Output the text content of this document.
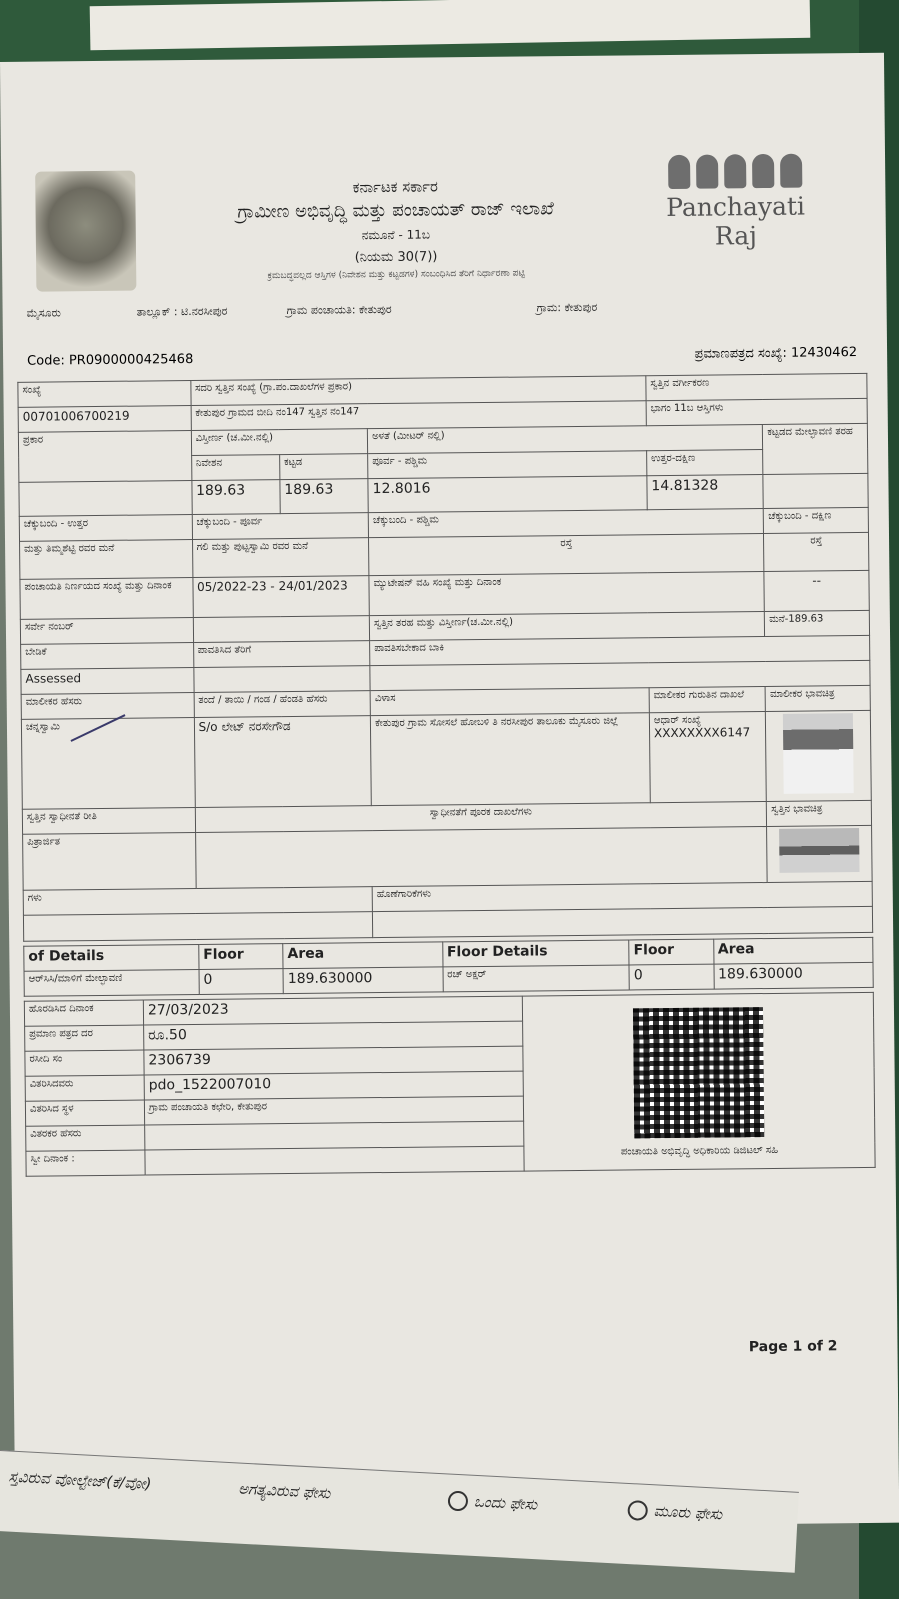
ಕರ್ನಾಟಕ ಸರ್ಕಾರ
ಗ್ರಾಮೀಣ ಅಭಿವೃದ್ಧಿ ಮತ್ತು ಪಂಚಾಯತ್ ರಾಜ್ ಇಲಾಖೆ
ನಮೂನೆ - 11ಬ
(ನಿಯಮ 30(7))
ಕ್ರಮಬದ್ಧವಲ್ಲದ ಆಸ್ತಿಗಳ (ನಿವೇಶನ ಮತ್ತು ಕಟ್ಟಡಗಳ) ಸಂಬಂಧಿಸಿದ ತೆರಿಗೆ ನಿರ್ಧಾರಣಾ ಪಟ್ಟಿ
Panchayati Raj
ಮೈಸೂರು	ತಾಲ್ಲೂಕ್ : ಟಿ.ನರಸೀಪುರ	ಗ್ರಾಮ ಪಂಚಾಯತಿ: ಕೇತುಪುರ	ಗ್ರಾಮ: ಕೇತುಪುರ
Code: PR0900000425468	ಪ್ರಮಾಣಪತ್ರದ ಸಂಖ್ಯೆ: 12430462
ಸಂಖ್ಯೆ	ಸದರಿ ಸ್ವತ್ತಿನ ಸಂಖ್ಯೆ (ಗ್ರಾ.ಪಂ.ದಾಖಲೆಗಳ ಪ್ರಕಾರ)			ಸ್ವತ್ತಿನ ವರ್ಗೀಕರಣ	
00701006700219	ಕೇತುಪುರ ಗ್ರಾಮದ ಬೀದಿ ನಂ147 ಸ್ವತ್ತಿನ ನಂ147			ಭಾಗಂ 11ಬ ಆಸ್ತಿಗಳು	
ಪ್ರಕಾರ	ವಿಸ್ತೀರ್ಣ (ಚ.ಮೀ.ನಲ್ಲಿ)		ಅಳತೆ (ಮೀಟರ್ ನಲ್ಲಿ)		ಕಟ್ಟಡದ ಮೇಲ್ಛಾವಣಿ ತರಹ
	ನಿವೇಶನ	ಕಟ್ಟಡ	ಪೂರ್ವ - ಪಶ್ಚಿಮ	ಉತ್ತರ-ದಕ್ಷಿಣ	
	189.63	189.63	12.8016	14.81328	
ಚೆಕ್ಕುಬಂದಿ - ಉತ್ತರ	ಚೆಕ್ಕುಬಂದಿ - ಪೂರ್ವ		ಚೆಕ್ಕುಬಂದಿ - ಪಶ್ಚಿಮ		ಚೆಕ್ಕುಬಂದಿ - ದಕ್ಷಿಣ
ಮತ್ತು ತಿಮ್ಮಶೆಟ್ಟಿ ರವರ ಮನೆ	ಗಲಿ ಮತ್ತು ಪುಟ್ಟಸ್ವಾಮಿ ರವರ ಮನೆ		ರಸ್ತೆ		ರಸ್ತೆ
ಪಂಚಾಯತಿ ನಿರ್ಣಯದ ಸಂಖ್ಯೆ ಮತ್ತು ದಿನಾಂಕ	05/2022-23 - 24/01/2023		ಮ್ಯುಟೇಷನ್ ವಹಿ ಸಂಖ್ಯೆ ಮತ್ತು ದಿನಾಂಕ		--
ಸರ್ವೇ ನಂಬರ್			ಸ್ವತ್ತಿನ ತರಹ ಮತ್ತು ವಿಸ್ತೀರ್ಣ(ಚ.ಮೀ.ನಲ್ಲಿ)		ಮನೆ-189.63
ಬೇಡಿಕೆ	ಪಾವತಿಸಿದ ತೆರಿಗೆ		ಪಾವತಿಸಬೇಕಾದ ಬಾಕಿ		
Assessed					
ಮಾಲೀಕರ ಹೆಸರು	ತಂದೆ / ತಾಯಿ / ಗಂಡ / ಹೆಂಡತಿ ಹೆಸರು		ವಿಳಾಸ	ಮಾಲೀಕರ ಗುರುತಿನ ದಾಖಲೆ	ಮಾಲೀಕರ ಭಾವಚಿತ್ರ
ಚನ್ನಸ್ವಾಮಿ	S/o ಲೇಟ್ ನರಸೇಗೌಡ		ಕೇತುಪುರ ಗ್ರಾಮ ಸೋಸಲೆ ಹೋಬಳಿ ತಿ ನರಸೀಪುರ ತಾಲೂಕು ಮೈಸೂರು ಜಿಲ್ಲೆ	ಆಧಾರ್ ಸಂಖ್ಯೆ
XXXXXXXX6147	

ಸ್ವತ್ತಿನ ಸ್ವಾಧೀನತೆ ರೀತಿ	ಸ್ವಾಧೀನತೆಗೆ ಪೂರಕ ದಾಖಲೆಗಳು				ಸ್ವತ್ತಿನ ಭಾವಚಿತ್ರ
ಪಿತ್ರಾರ್ಜಿತ					

ಗಳು			ಹೊಣೆಗಾರಿಕೆಗಳು		

of Details	Floor	Area	Floor Details	Floor	Area
ಆರ್‌ಸಿಸಿ/ಮಾಳಿಗೆ ಮೇಲ್ಛಾವಣಿ	0	189.630000	ರಚ್ ಅಕ್ಷರ್	0	189.630000
ಹೊರಡಿಸಿದ ದಿನಾಂಕ	27/03/2023	ಪಂಚಾಯತಿ ಅಭಿವೃದ್ಧಿ ಅಧಿಕಾರಿಯ ಡಿಜಿಟಲ್ ಸಹಿ

ಪ್ರಮಾಣ ಪತ್ರದ ದರ	ರೂ.50	
ರಸೀದಿ ಸಂ	2306739	
ವಿತರಿಸಿದವರು	pdo_1522007010	
ವಿತರಿಸಿದ ಸ್ಥಳ	ಗ್ರಾಮ ಪಂಚಾಯತಿ ಕಛೇರಿ, ಕೇತುಪುರ	
ವಿತರಕರ ಹೆಸರು		
ಸ್ವೀ ದಿನಾಂಕ :		
Page 1 of 2
ಸ್ತವಿರುವ ವೋಲ್ಟೇಜ್(ಕೆ/ವೋ)	ಅಗತ್ಯವಿರುವ ಫೇಸು
ಒಂದು ಫೇಸು	ಮೂರು ಫೇಸು
